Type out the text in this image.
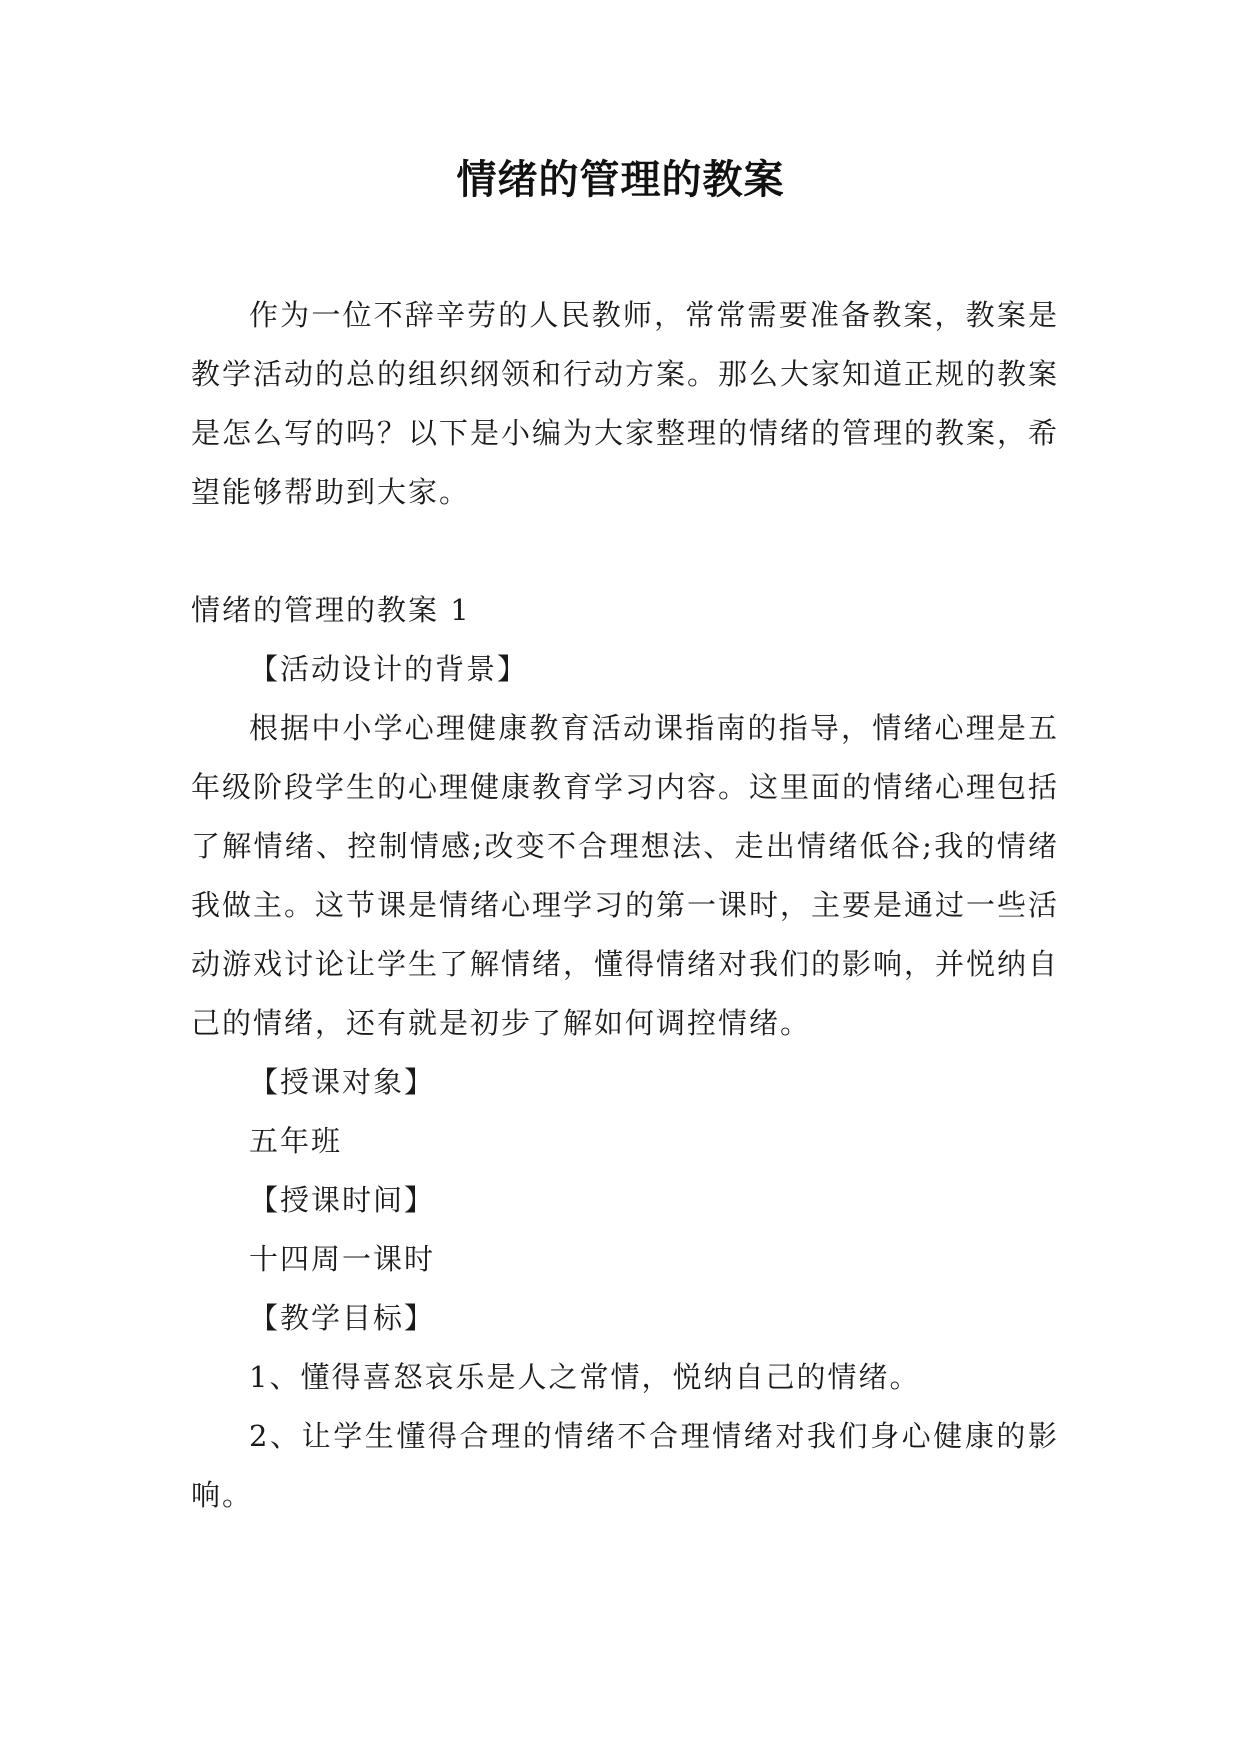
情绪的管理的教案

作为一位不辞辛劳的人民教师，常常需要准备教案，教案是教学活动的总的组织纲领和行动方案。那么大家知道正规的教案是怎么写的吗？以下是小编为大家整理的情绪的管理的教案，希望能够帮助到大家。

情绪的管理的教案 1

【活动设计的背景】

根据中小学心理健康教育活动课指南的指导，情绪心理是五年级阶段学生的心理健康教育学习内容。这里面的情绪心理包括了解情绪、控制情感;改变不合理想法、走出情绪低谷;我的情绪我做主。这节课是情绪心理学习的第一课时，主要是通过一些活动游戏讨论让学生了解情绪，懂得情绪对我们的影响，并悦纳自己的情绪，还有就是初步了解如何调控情绪。

【授课对象】

五年班

【授课时间】

十四周一课时

【教学目标】

1、懂得喜怒哀乐是人之常情，悦纳自己的情绪。

2、让学生懂得合理的情绪不合理情绪对我们身心健康的影响。
